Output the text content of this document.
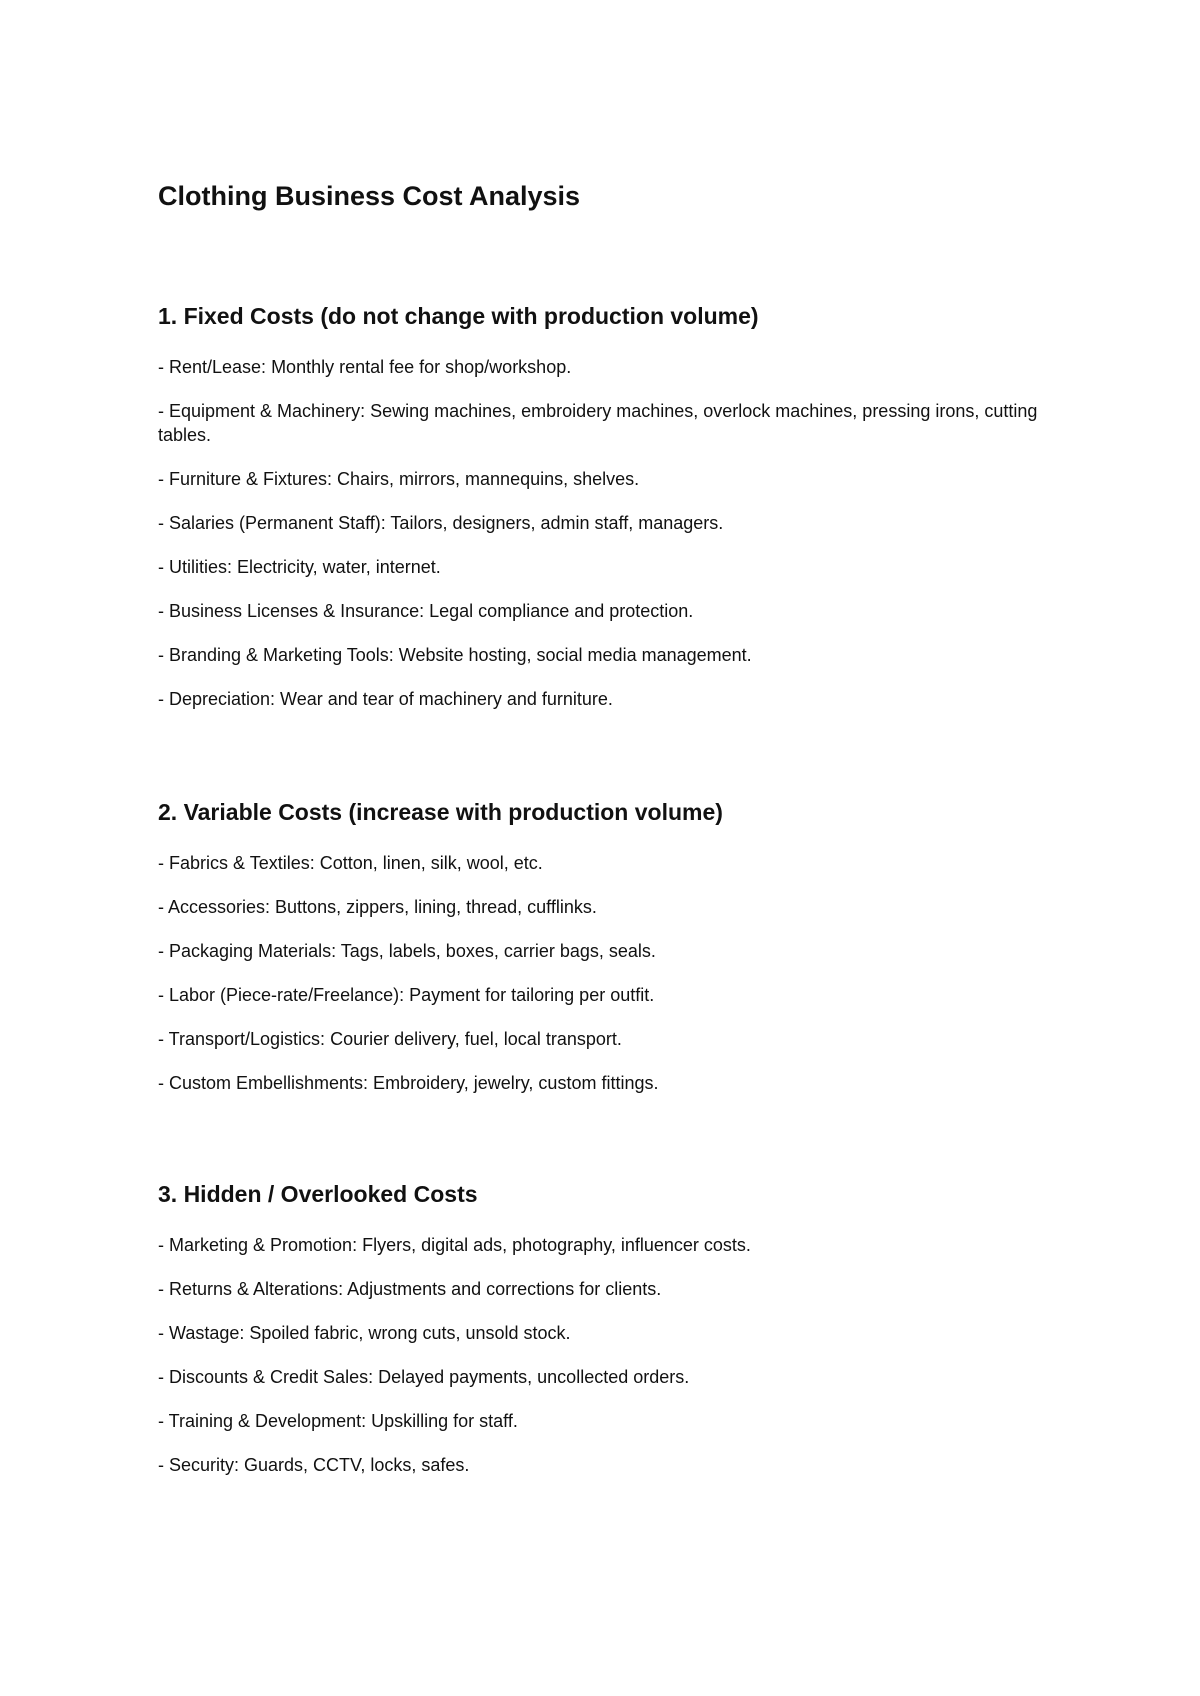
Clothing Business Cost Analysis
1. Fixed Costs (do not change with production volume)
- Rent/Lease: Monthly rental fee for shop/workshop.
- Equipment & Machinery: Sewing machines, embroidery machines, overlock machines, pressing irons, cutting tables.
- Furniture & Fixtures: Chairs, mirrors, mannequins, shelves.
- Salaries (Permanent Staff): Tailors, designers, admin staff, managers.
- Utilities: Electricity, water, internet.
- Business Licenses & Insurance: Legal compliance and protection.
- Branding & Marketing Tools: Website hosting, social media management.
- Depreciation: Wear and tear of machinery and furniture.
2. Variable Costs (increase with production volume)
- Fabrics & Textiles: Cotton, linen, silk, wool, etc.
- Accessories: Buttons, zippers, lining, thread, cufflinks.
- Packaging Materials: Tags, labels, boxes, carrier bags, seals.
- Labor (Piece-rate/Freelance): Payment for tailoring per outfit.
- Transport/Logistics: Courier delivery, fuel, local transport.
- Custom Embellishments: Embroidery, jewelry, custom fittings.
3. Hidden / Overlooked Costs
- Marketing & Promotion: Flyers, digital ads, photography, influencer costs.
- Returns & Alterations: Adjustments and corrections for clients.
- Wastage: Spoiled fabric, wrong cuts, unsold stock.
- Discounts & Credit Sales: Delayed payments, uncollected orders.
- Training & Development: Upskilling for staff.
- Security: Guards, CCTV, locks, safes.
